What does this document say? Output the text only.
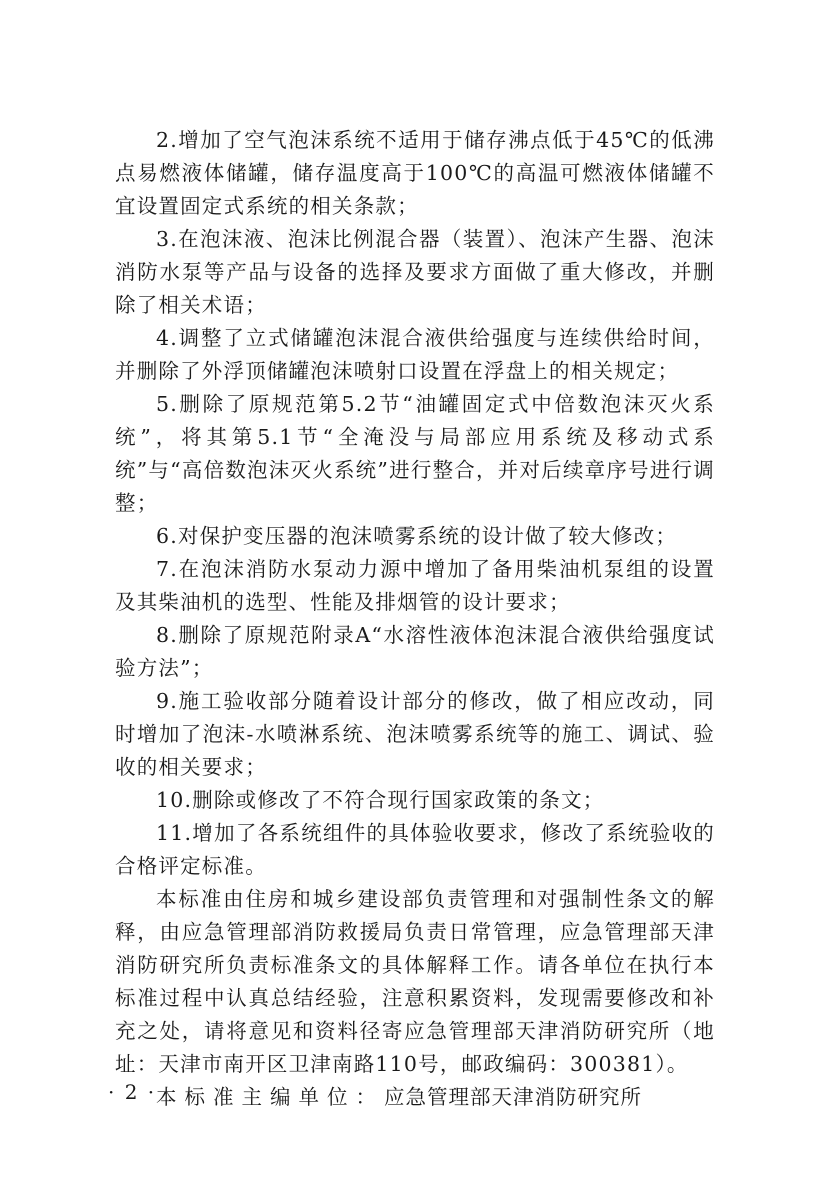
2.增加了空气泡沫系统不适用于储存沸点低于45℃的低沸点易燃液体储罐，储存温度高于100℃的高温可燃液体储罐不宜设置固定式系统的相关条款；

3.在泡沫液、泡沫比例混合器（装置）、泡沫产生器、泡沫消防水泵等产品与设备的选择及要求方面做了重大修改，并删除了相关术语；

4.调整了立式储罐泡沫混合液供给强度与连续供给时间，并删除了外浮顶储罐泡沫喷射口设置在浮盘上的相关规定；

5.删除了原规范第5.2节“油罐固定式中倍数泡沫灭火系统”，将其第5.1节“全淹没与局部应用系统及移动式系统”与“高倍数泡沫灭火系统”进行整合，并对后续章序号进行调整；

6.对保护变压器的泡沫喷雾系统的设计做了较大修改；

7.在泡沫消防水泵动力源中增加了备用柴油机泵组的设置及其柴油机的选型、性能及排烟管的设计要求；

8.删除了原规范附录A“水溶性液体泡沫混合液供给强度试验方法”；

9.施工验收部分随着设计部分的修改，做了相应改动，同时增加了泡沫-水喷淋系统、泡沫喷雾系统等的施工、调试、验收的相关要求；

10.删除或修改了不符合现行国家政策的条文；

11.增加了各系统组件的具体验收要求，修改了系统验收的合格评定标准。

本标准由住房和城乡建设部负责管理和对强制性条文的解释，由应急管理部消防救援局负责日常管理，应急管理部天津消防研究所负责标准条文的具体解释工作。请各单位在执行本标准过程中认真总结经验，注意积累资料，发现需要修改和补充之处，请将意见和资料径寄应急管理部天津消防研究所（地址：天津市南开区卫津南路110号，邮政编码：300381）。

本标准主编单位：应急管理部天津消防研究所

· 2 ·
